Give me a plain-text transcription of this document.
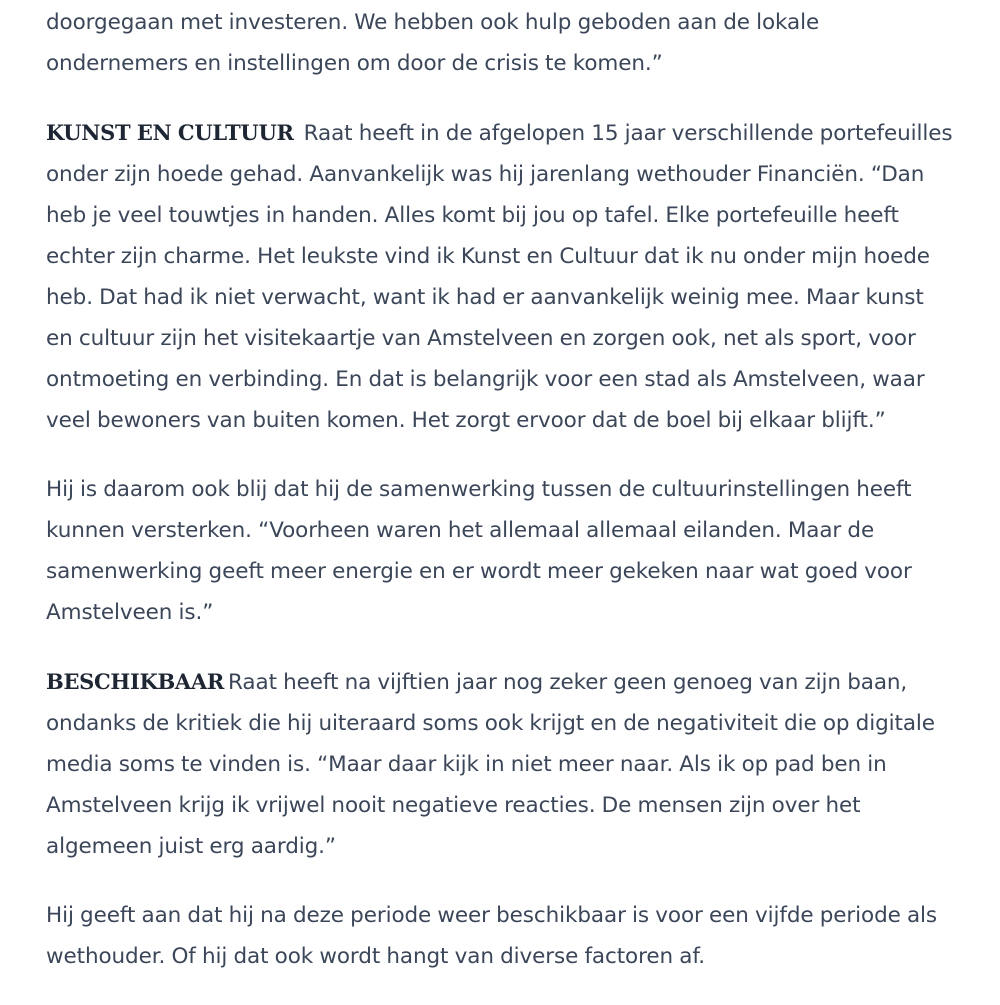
doorgegaan met investeren. We hebben ook hulp geboden aan de lokale ondernemers en instellingen om door de crisis te komen.”

KUNST EN CULTUUR Raat heeft in de afgelopen 15 jaar verschillende portefeuilles onder zijn hoede gehad. Aanvankelijk was hij jarenlang wethouder Financiën. “Dan heb je veel touwtjes in handen. Alles komt bij jou op tafel. Elke portefeuille heeft echter zijn charme. Het leukste vind ik Kunst en Cultuur dat ik nu onder mijn hoede heb. Dat had ik niet verwacht, want ik had er aanvankelijk weinig mee. Maar kunst en cultuur zijn het visitekaartje van Amstelveen en zorgen ook, net als sport, voor ontmoeting en verbinding. En dat is belangrijk voor een stad als Amstelveen, waar veel bewoners van buiten komen. Het zorgt ervoor dat de boel bij elkaar blijft.”

Hij is daarom ook blij dat hij de samenwerking tussen de cultuurinstellingen heeft kunnen versterken. “Voorheen waren het allemaal allemaal eilanden. Maar de samenwerking geeft meer energie en er wordt meer gekeken naar wat goed voor Amstelveen is.”

BESCHIKBAAR Raat heeft na vijftien jaar nog zeker geen genoeg van zijn baan, ondanks de kritiek die hij uiteraard soms ook krijgt en de negativiteit die op digitale media soms te vinden is. “Maar daar kijk in niet meer naar. Als ik op pad ben in Amstelveen krijg ik vrijwel nooit negatieve reacties. De mensen zijn over het algemeen juist erg aardig.”

Hij geeft aan dat hij na deze periode weer beschikbaar is voor een vijfde periode als wethouder. Of hij dat ook wordt hangt van diverse factoren af.
